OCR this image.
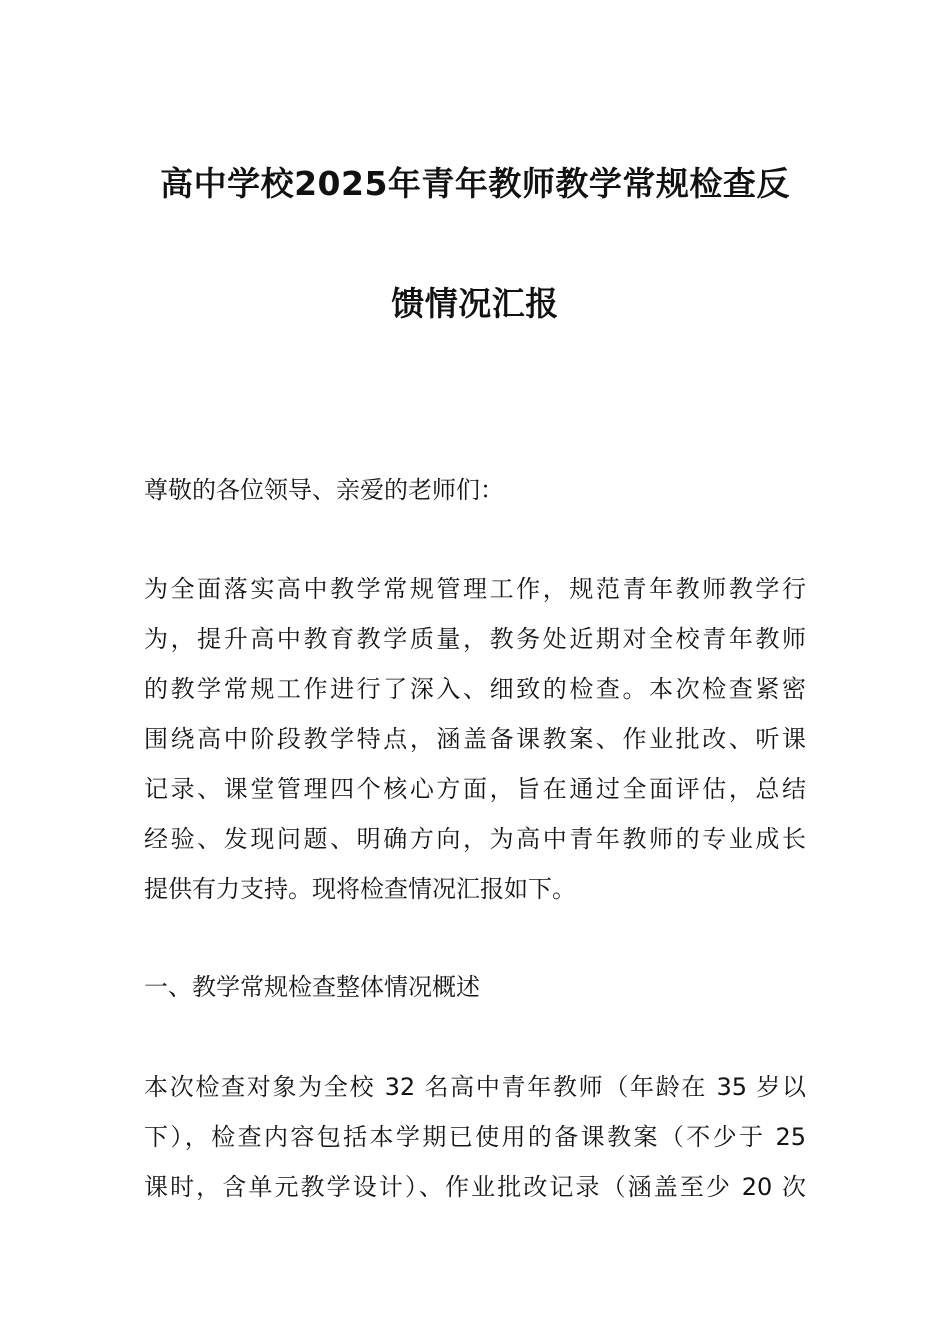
高中学校2025年青年教师教学常规检查反
馈情况汇报
尊敬的各位领导、亲爱的老师们：
为全面落实高中教学常规管理工作，规范青年教师教学行
为，提升高中教育教学质量，教务处近期对全校青年教师
的教学常规工作进行了深入、细致的检查。本次检查紧密
围绕高中阶段教学特点，涵盖备课教案、作业批改、听课
记录、课堂管理四个核心方面，旨在通过全面评估，总结
经验、发现问题、明确方向，为高中青年教师的专业成长
提供有力支持。现将检查情况汇报如下。
一、教学常规检查整体情况概述
本次检查对象为全校 32 名高中青年教师（年龄在 35 岁以
下），检查内容包括本学期已使用的备课教案（不少于 25
课时，含单元教学设计）、作业批改记录（涵盖至少 20 次
